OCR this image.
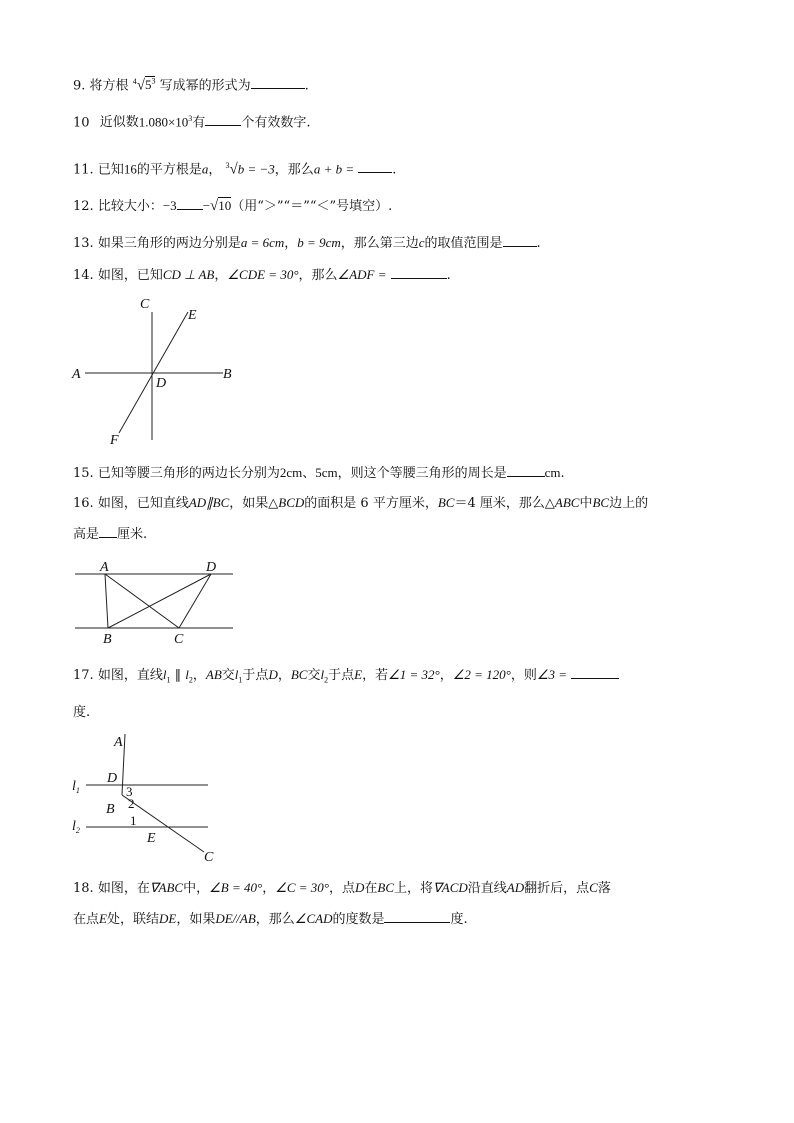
9. 将方根 $^4√5^3$ 写成幂的形式为	.
10 近似数$1.080\times 10^3$有	个有效数字.
11. 已知16的平方根是a， $^3$√b = −3，那么a + b =	.
12. 比较大小：−3 −√10（用“＞”“＝”“＜”号填空）.
13. 如果三角形的两边分别是a = 6cm，b = 9cm，那么第三边c的取值范围是	.
14. 如图，已知CD ⊥ AB，∠CDE = 30°，那么∠ADF =	.
C
E
A
D
B
F
15. 已知等腰三角形的两边长分别为2cm、5cm，则这个等腰三角形的周长是	cm.
16. 如图，已知直线AD∥BC，如果△BCD的面积是 6 平方厘米，BC＝4 厘米，那么△ABC中BC边上的
高是 厘米.
A	D
B	C
17. 如图，直线$l_1$ ∥ $l_2$，AB交$l_1$于点D，BC交$l_2$于点E，若∠1 = 32°，∠2 = 120°，则∠3 =
度.
A
D
$l_1$	3
B 2
$l_2$
1
E
C
18. 如图，在∇ABC中，∠B = 40°，∠C = 30°，点D在BC上，将∇ACD沿直线AD翻折后，点C落
在点E处，联结DE，如果DE//AB，那么∠CAD的度数是	度.
